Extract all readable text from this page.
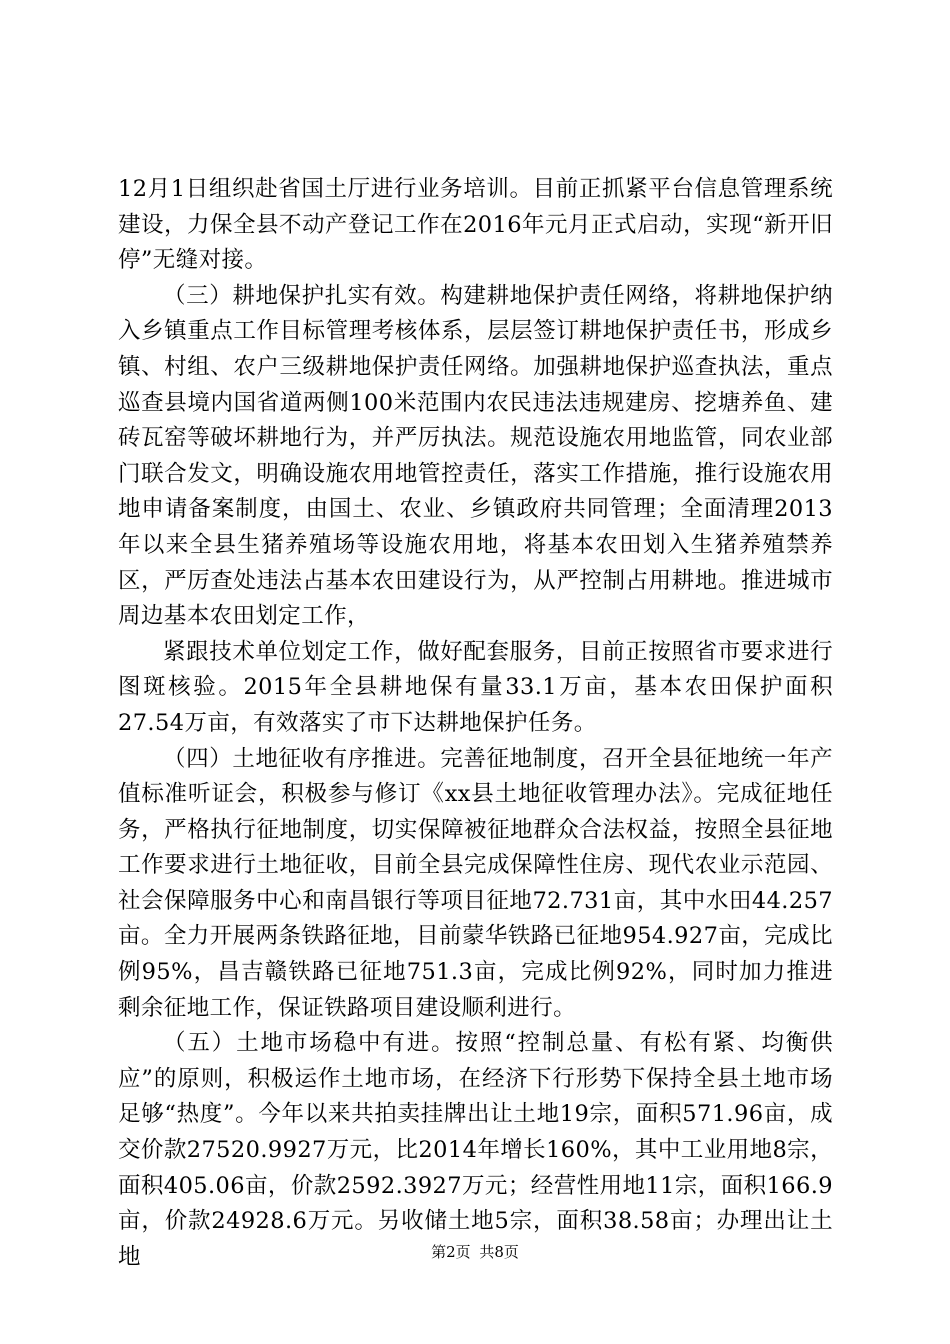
12月1日组织赴省国土厅进行业务培训。目前正抓紧平台信息管理系统建设，力保全县不动产登记工作在2016年元月正式启动，实现“新开旧停”无缝对接。

（三）耕地保护扎实有效。构建耕地保护责任网络，将耕地保护纳入乡镇重点工作目标管理考核体系，层层签订耕地保护责任书，形成乡镇、村组、农户三级耕地保护责任网络。加强耕地保护巡查执法，重点巡查县境内国省道两侧100米范围内农民违法违规建房、挖塘养鱼、建砖瓦窑等破坏耕地行为，并严厉执法。规范设施农用地监管，同农业部门联合发文，明确设施农用地管控责任，落实工作措施，推行设施农用地申请备案制度，由国土、农业、乡镇政府共同管理；全面清理2013年以来全县生猪养殖场等设施农用地，将基本农田划入生猪养殖禁养区，严厉查处违法占基本农田建设行为，从严控制占用耕地。推进城市周边基本农田划定工作，

紧跟技术单位划定工作，做好配套服务，目前正按照省市要求进行图斑核验。2015年全县耕地保有量33.1万亩，基本农田保护面积27.54万亩，有效落实了市下达耕地保护任务。

（四）土地征收有序推进。完善征地制度，召开全县征地统一年产值标准听证会，积极参与修订《xx县土地征收管理办法》。完成征地任务，严格执行征地制度，切实保障被征地群众合法权益，按照全县征地工作要求进行土地征收，目前全县完成保障性住房、现代农业示范园、社会保障服务中心和南昌银行等项目征地72.731亩，其中水田44.257亩。全力开展两条铁路征地，目前蒙华铁路已征地954.927亩，完成比例95%，昌吉赣铁路已征地751.3亩，完成比例92%，同时加力推进剩余征地工作，保证铁路项目建设顺利进行。

（五）土地市场稳中有进。按照“控制总量、有松有紧、均衡供应”的原则，积极运作土地市场，在经济下行形势下保持全县土地市场足够“热度”。今年以来共拍卖挂牌出让土地19宗，面积571.96亩，成交价款27520.9927万元，比2014年增长160%，其中工业用地8宗，面积405.06亩，价款2592.3927万元；经营性用地11宗，面积166.9亩，价款24928.6万元。另收储土地5宗，面积38.58亩；办理出让土地	第2页 共8页
